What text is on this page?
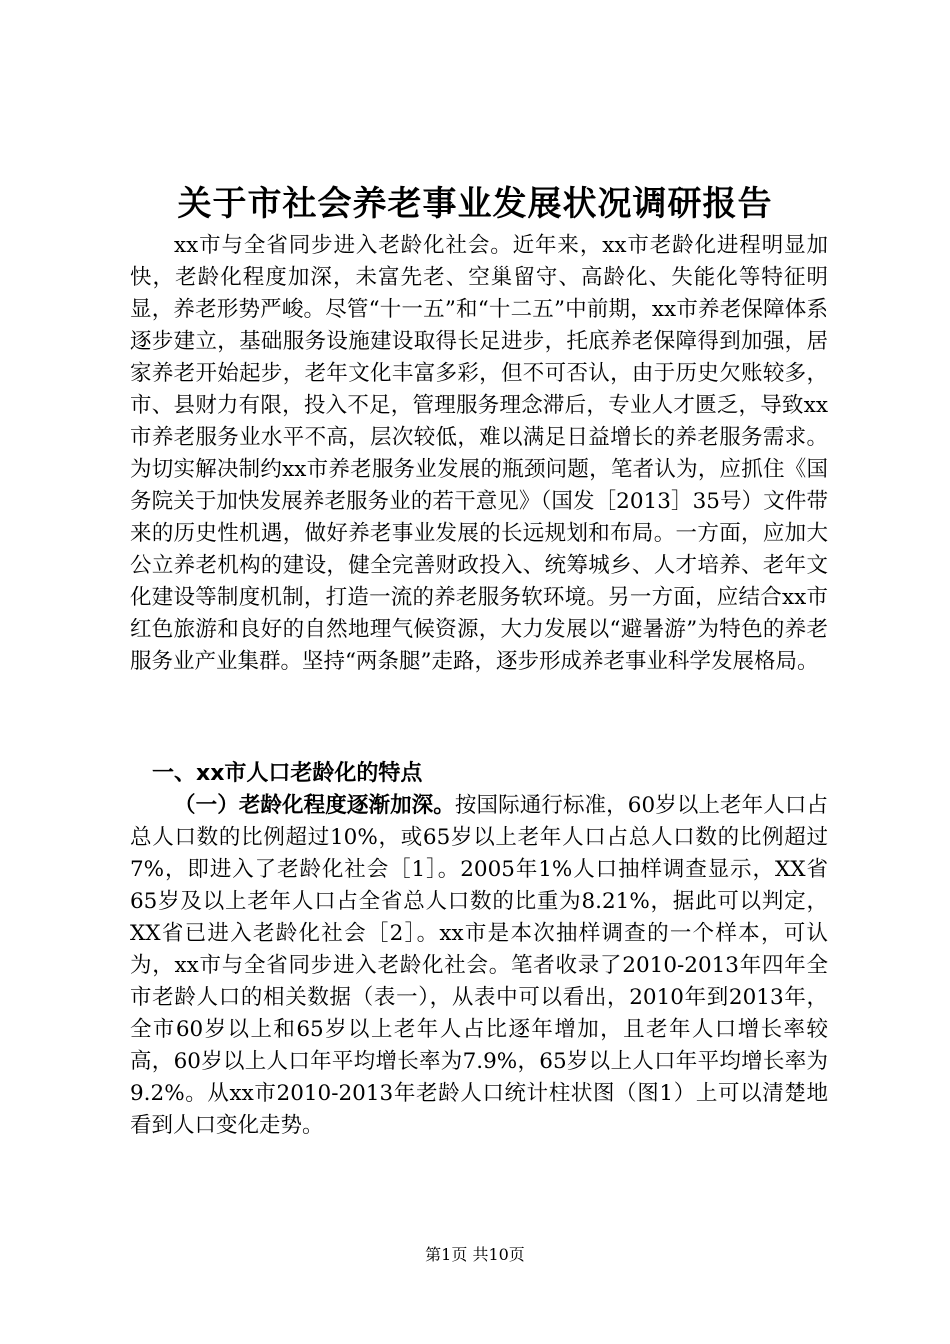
关于市社会养老事业发展状况调研报告

xx市与全省同步进入老龄化社会。近年来，xx市老龄化进程明显加快，老龄化程度加深，未富先老、空巢留守、高龄化、失能化等特征明显，养老形势严峻。尽管“十一五”和“十二五”中前期，xx市养老保障体系逐步建立，基础服务设施建设取得长足进步，托底养老保障得到加强，居家养老开始起步，老年文化丰富多彩，但不可否认，由于历史欠账较多，市、县财力有限，投入不足，管理服务理念滞后，专业人才匮乏，导致xx市养老服务业水平不高，层次较低，难以满足日益增长的养老服务需求。为切实解决制约xx市养老服务业发展的瓶颈问题，笔者认为，应抓住《国务院关于加快发展养老服务业的若干意见》（国发［2013］35号）文件带来的历史性机遇，做好养老事业发展的长远规划和布局。一方面，应加大公立养老机构的建设，健全完善财政投入、统筹城乡、人才培养、老年文化建设等制度机制，打造一流的养老服务软环境。另一方面，应结合xx市红色旅游和良好的自然地理气候资源，大力发展以“避暑游”为特色的养老服务业产业集群。坚持“两条腿”走路，逐步形成养老事业科学发展格局。

一、xx市人口老龄化的特点

（一）老龄化程度逐渐加深。按国际通行标准，60岁以上老年人口占总人口数的比例超过10%，或65岁以上老年人口占总人口数的比例超过7%，即进入了老龄化社会［1］。2005年1%人口抽样调查显示，XX省65岁及以上老年人口占全省总人口数的比重为8.21%，据此可以判定，XX省已进入老龄化社会［2］。xx市是本次抽样调查的一个样本，可认为，xx市与全省同步进入老龄化社会。笔者收录了2010-2013年四年全市老龄人口的相关数据（表一），从表中可以看出，2010年到2013年，全市60岁以上和65岁以上老年人占比逐年增加，且老年人口增长率较高，60岁以上人口年平均增长率为7.9%，65岁以上人口年平均增长率为9.2%。从xx市2010-2013年老龄人口统计柱状图（图1）上可以清楚地看到人口变化走势。

第1页 共10页
